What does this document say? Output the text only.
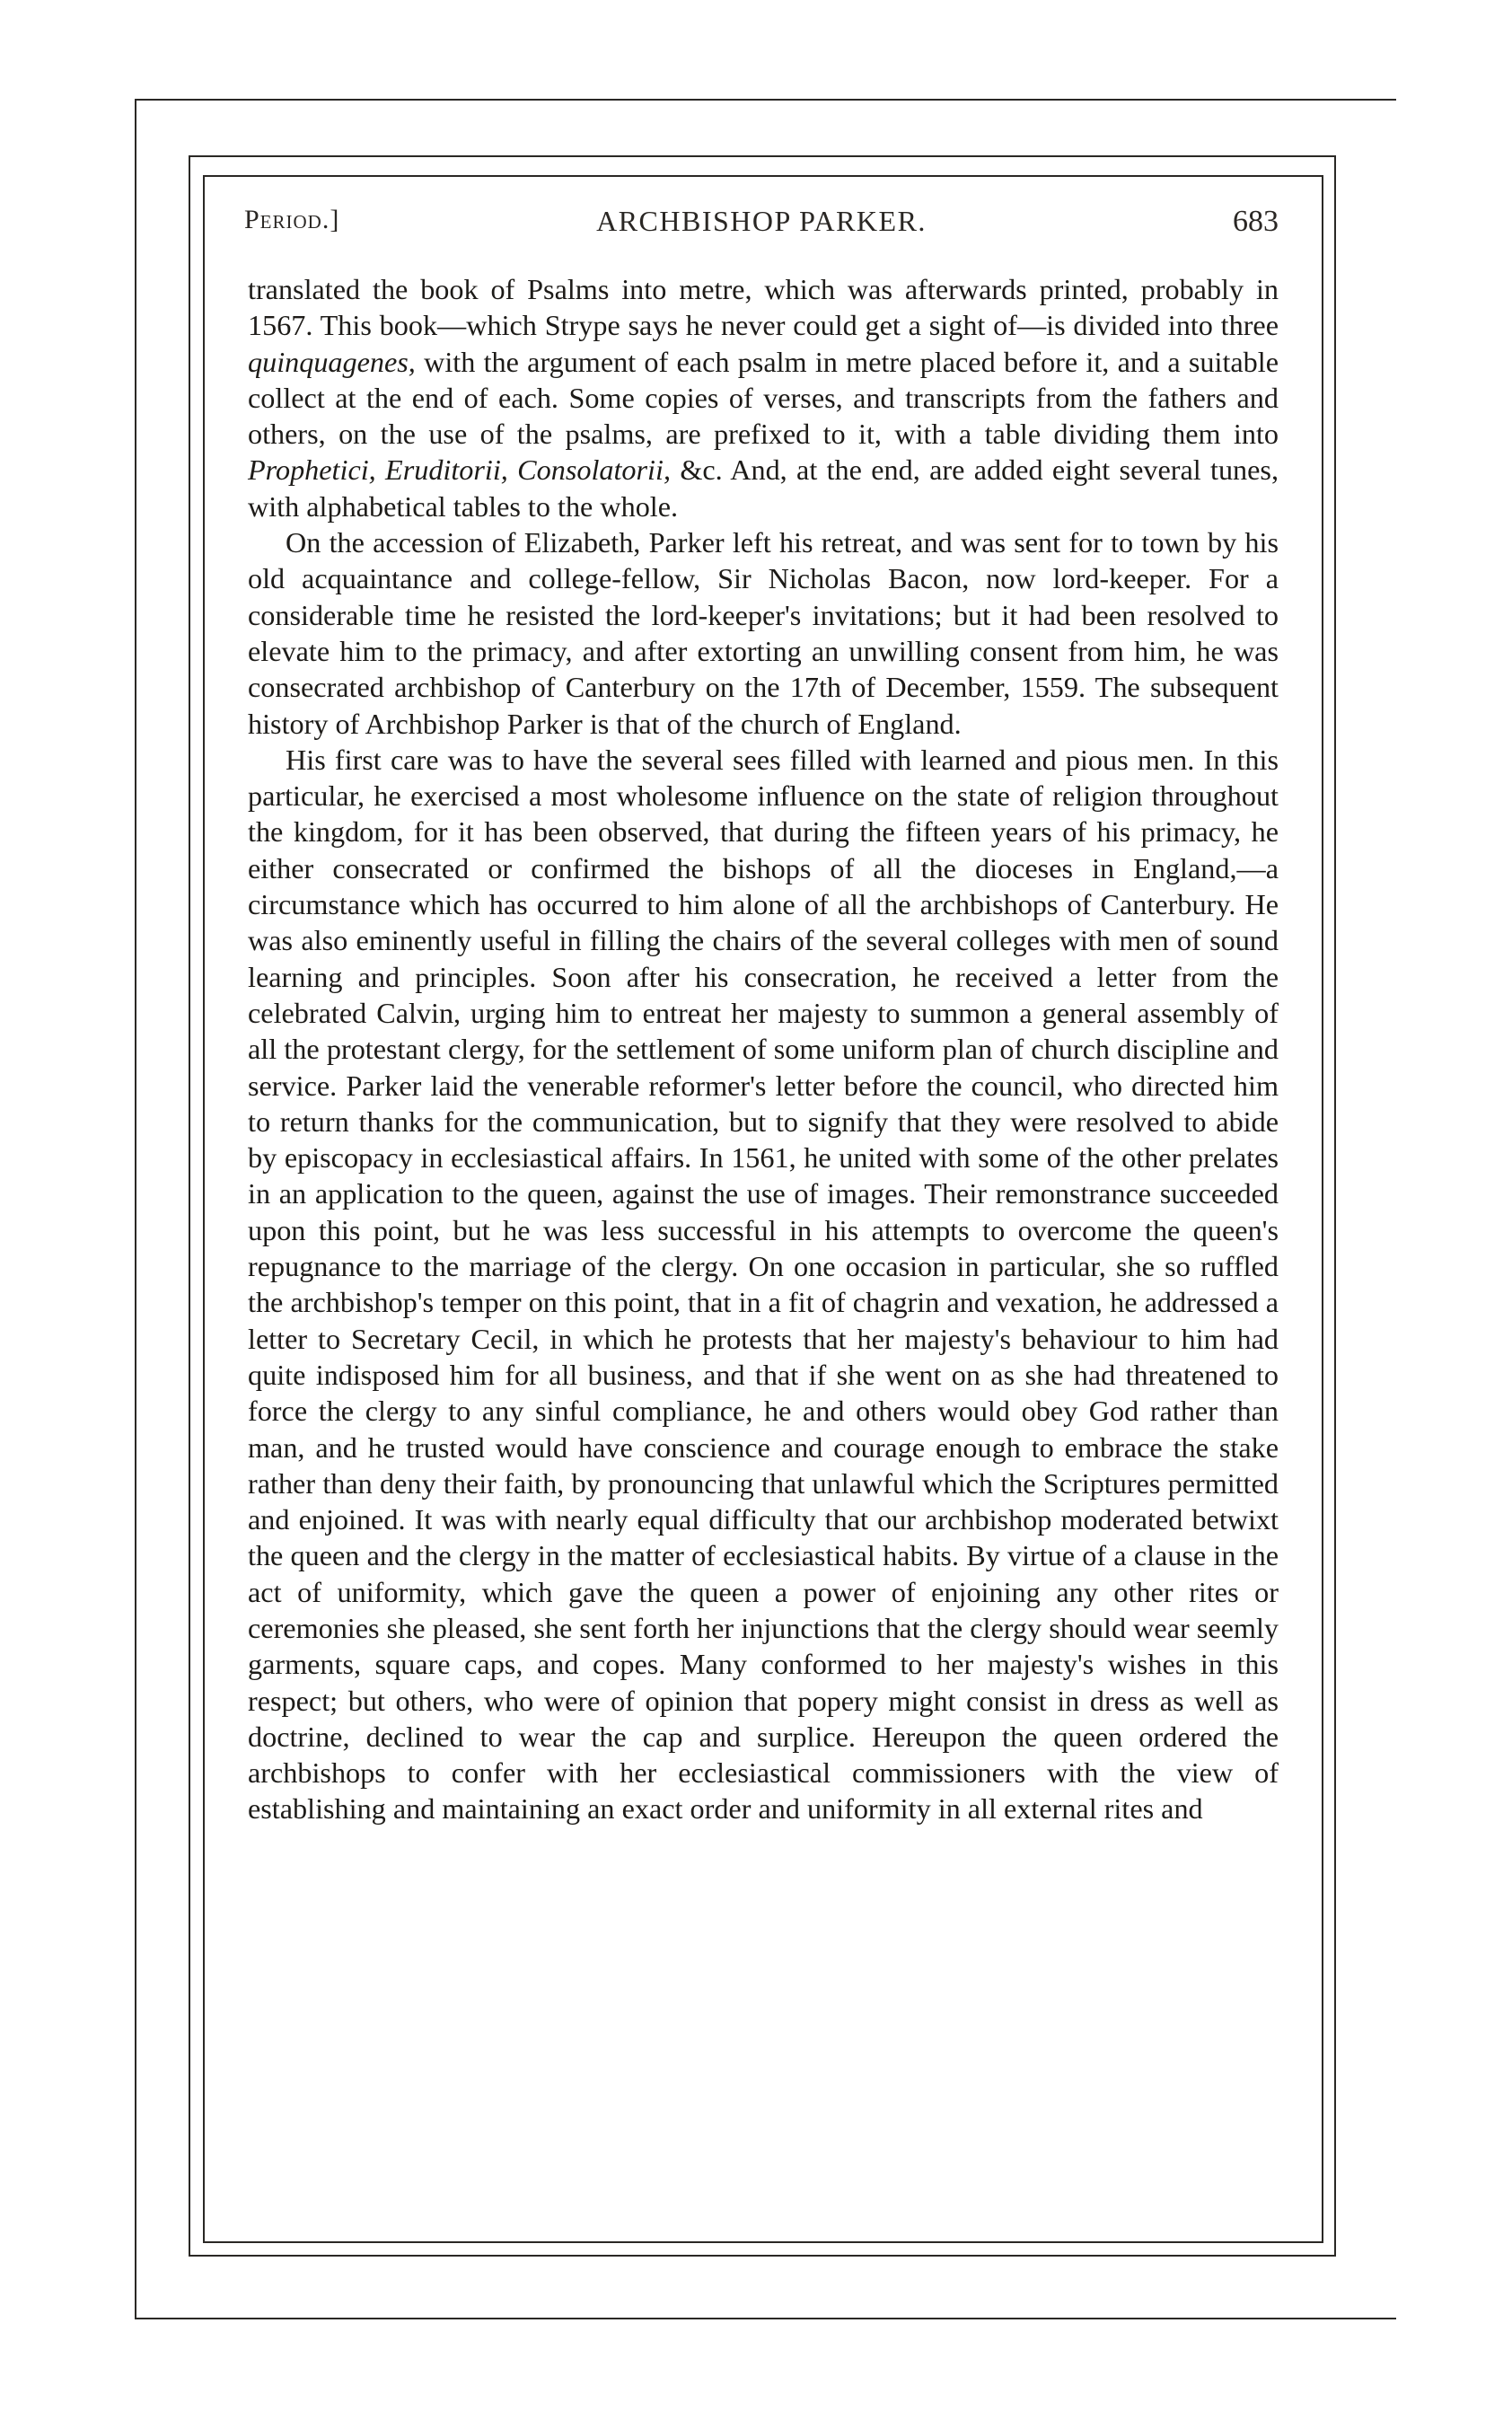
Period.]	ARCHBISHOP PARKER.	683

translated the book of Psalms into metre, which was afterwards printed, probably in 1567. This book—which Strype says he never could get a sight of—is divided into three quinquagenes, with the argument of each psalm in metre placed before it, and a suitable collect at the end of each. Some copies of verses, and transcripts from the fathers and others, on the use of the psalms, are prefixed to it, with a table dividing them into Prophetici, Eruditorii, Consolatorii, &c. And, at the end, are added eight several tunes, with alphabetical tables to the whole.

On the accession of Elizabeth, Parker left his retreat, and was sent for to town by his old acquaintance and college-fellow, Sir Nicholas Bacon, now lord-keeper. For a considerable time he resisted the lord-keeper's invitations; but it had been resolved to elevate him to the primacy, and after extorting an unwilling consent from him, he was consecrated archbishop of Canterbury on the 17th of December, 1559. The subsequent history of Archbishop Parker is that of the church of England.

His first care was to have the several sees filled with learned and pious men. In this particular, he exercised a most wholesome influence on the state of religion throughout the kingdom, for it has been observed, that during the fifteen years of his primacy, he either consecrated or confirmed the bishops of all the dioceses in England,—a circumstance which has occurred to him alone of all the archbishops of Canterbury. He was also eminently useful in filling the chairs of the several colleges with men of sound learning and principles. Soon after his consecration, he received a letter from the celebrated Calvin, urging him to entreat her majesty to summon a general assembly of all the protestant clergy, for the settlement of some uniform plan of church discipline and service. Parker laid the venerable reformer's letter before the council, who directed him to return thanks for the communication, but to signify that they were resolved to abide by episcopacy in ecclesiastical affairs. In 1561, he united with some of the other prelates in an application to the queen, against the use of images. Their remonstrance succeeded upon this point, but he was less successful in his attempts to overcome the queen's repugnance to the marriage of the clergy. On one occasion in particular, she so ruffled the archbishop's temper on this point, that in a fit of chagrin and vexation, he addressed a letter to Secretary Cecil, in which he protests that her majesty's behaviour to him had quite indisposed him for all business, and that if she went on as she had threatened to force the clergy to any sinful compliance, he and others would obey God rather than man, and he trusted would have conscience and courage enough to embrace the stake rather than deny their faith, by pronouncing that unlawful which the Scriptures permitted and enjoined. It was with nearly equal difficulty that our archbishop moderated betwixt the queen and the clergy in the matter of ecclesiastical habits. By virtue of a clause in the act of uniformity, which gave the queen a power of enjoining any other rites or ceremonies she pleased, she sent forth her injunctions that the clergy should wear seemly garments, square caps, and copes. Many conformed to her majesty's wishes in this respect; but others, who were of opinion that popery might consist in dress as well as doctrine, declined to wear the cap and surplice. Hereupon the queen ordered the archbishops to confer with her ecclesiastical commissioners with the view of establishing and maintaining an exact order and uniformity in all external rites and
